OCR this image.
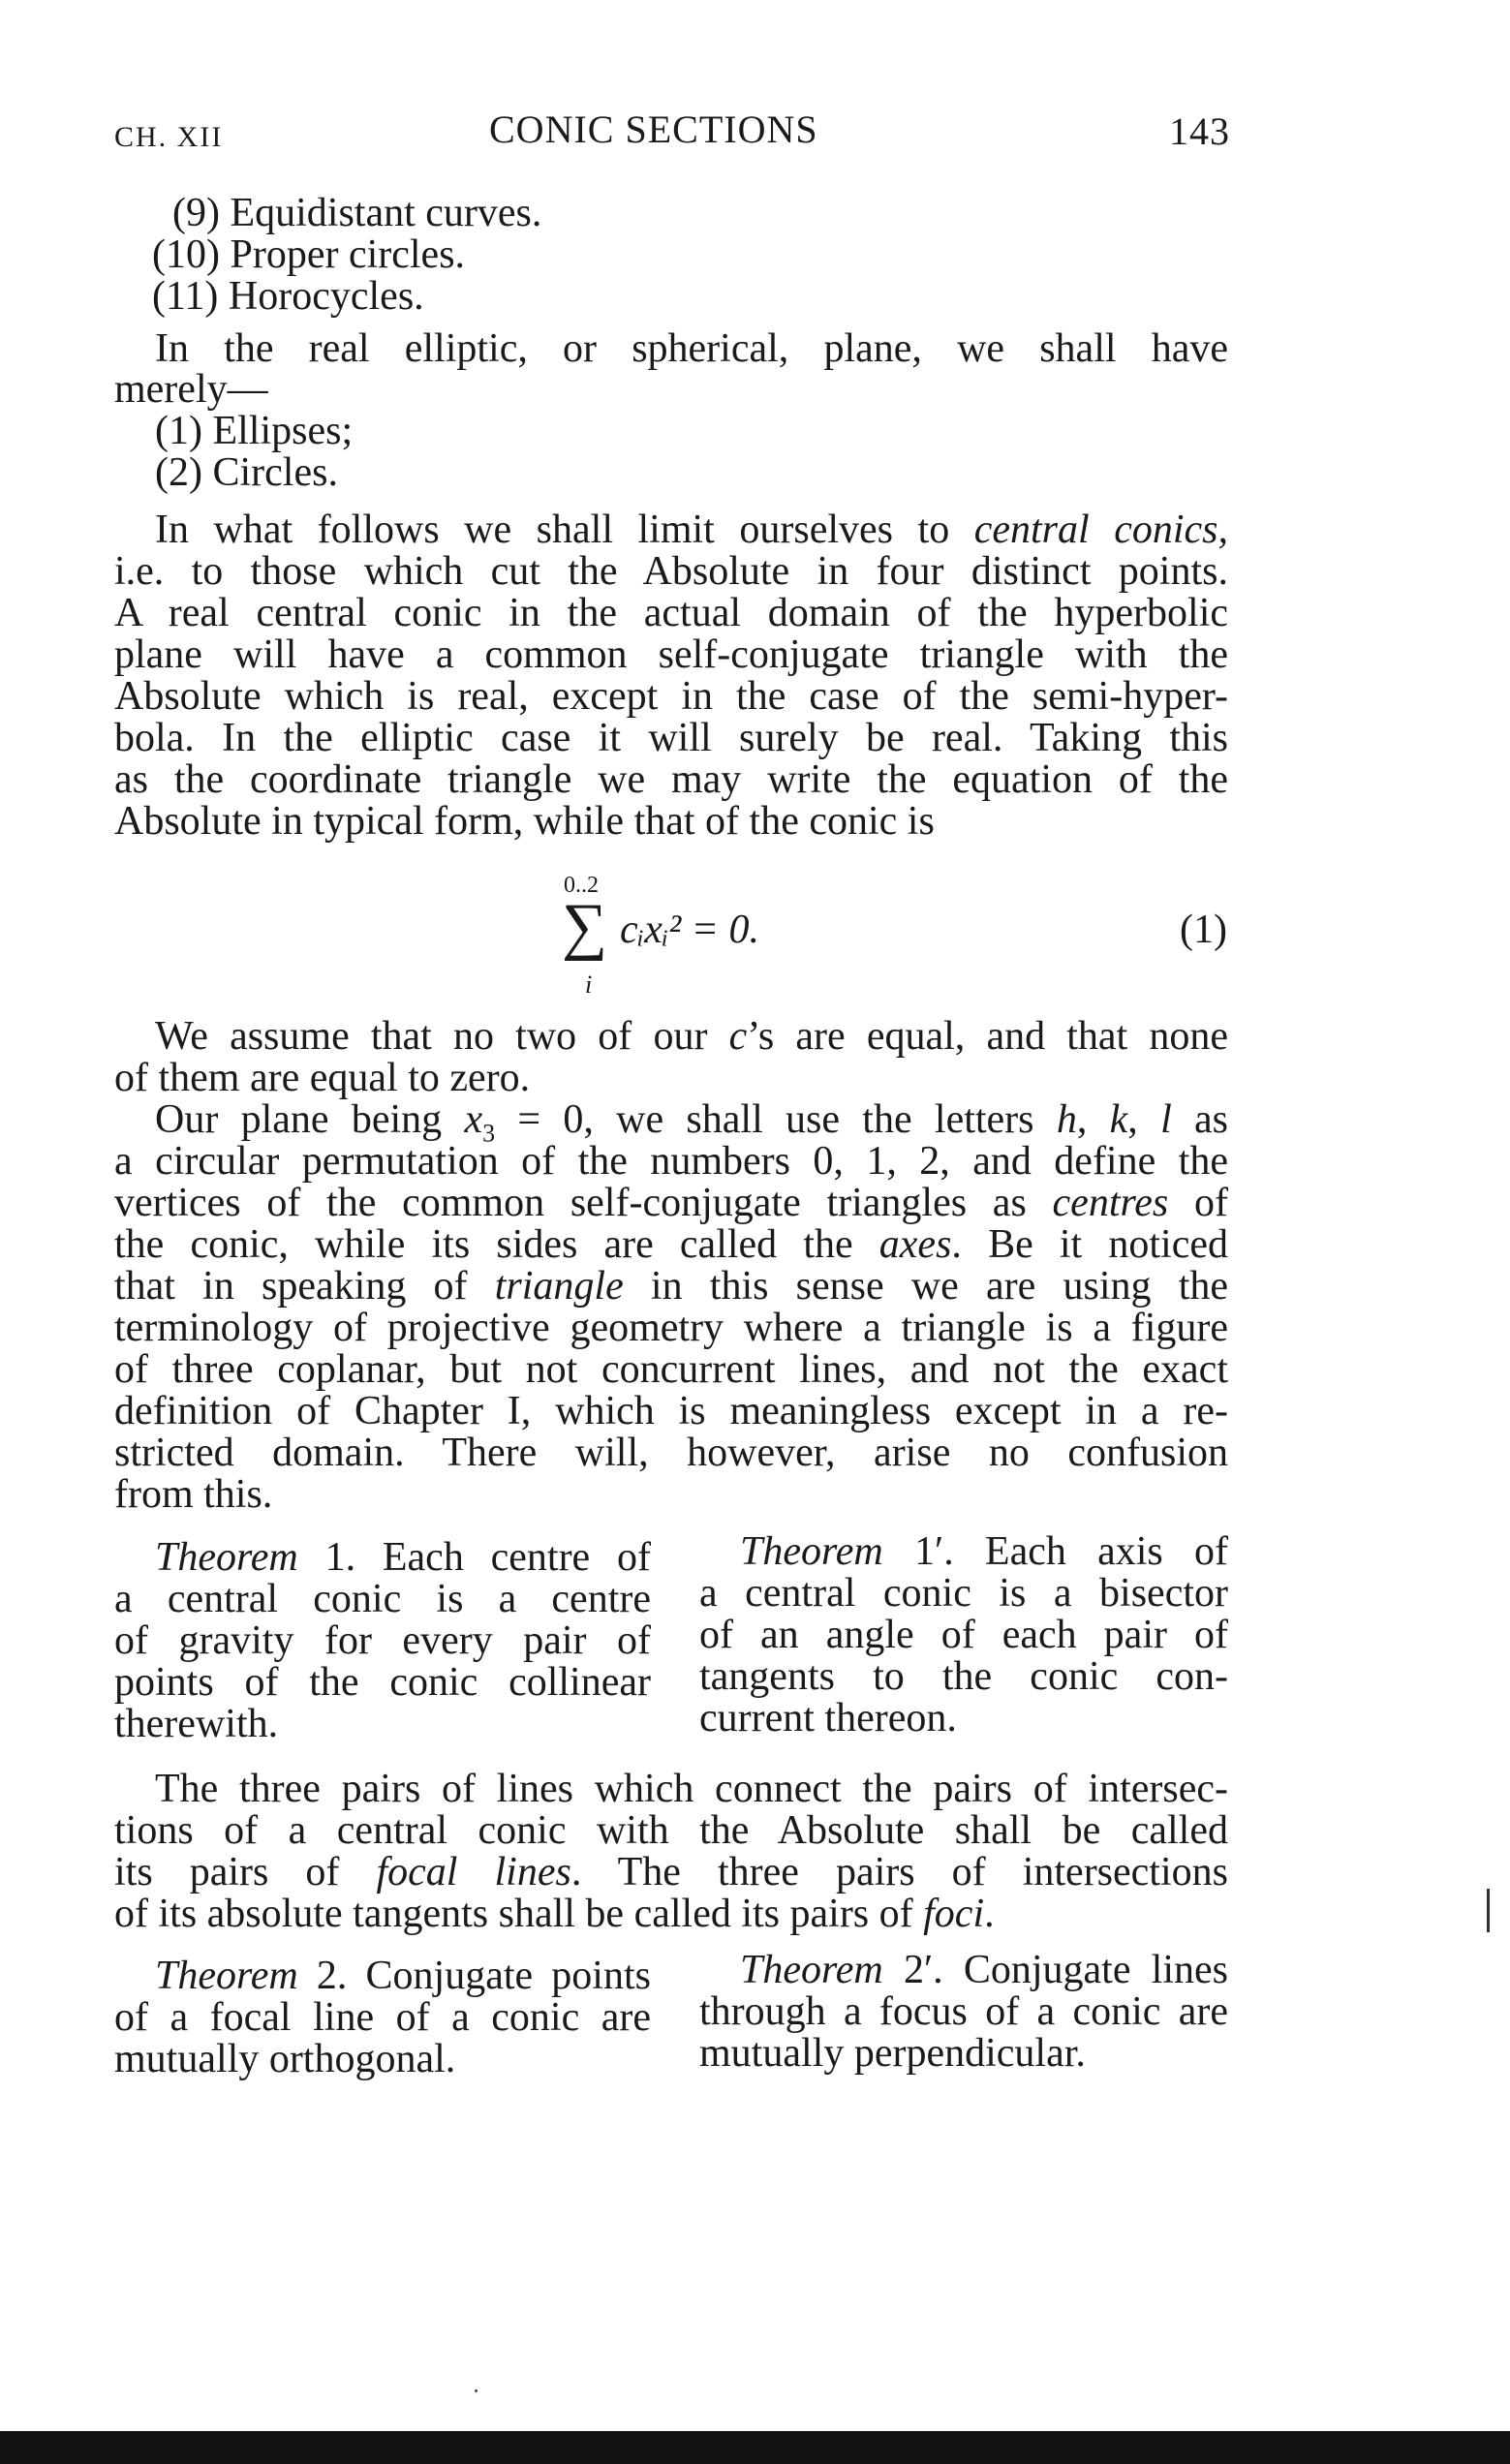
CH. XII	CONIC SECTIONS	143
(9) Equidistant curves.
(10) Proper circles.
(11) Horocycles.
In the real elliptic, or spherical, plane, we shall have
merely—
(1) Ellipses;
(2) Circles.
In what follows we shall limit ourselves to central conics,
i.e. to those which cut the Absolute in four distinct points.
A real central conic in the actual domain of the hyperbolic
plane will have a common self-conjugate triangle with the
Absolute which is real, except in the case of the semi-hyper-
bola. In the elliptic case it will surely be real. Taking this
as the coordinate triangle we may write the equation of the
Absolute in typical form, while that of the conic is
0..2
∑
i
cᵢxᵢ² = 0.	(1)
We assume that no two of our c’s are equal, and that none
of them are equal to zero.
Our plane being $x_3 = 0$, we shall use the letters h, k, l as
a circular permutation of the numbers 0, 1, 2, and define the
vertices of the common self-conjugate triangles as centres of
the conic, while its sides are called the axes. Be it noticed
that in speaking of triangle in this sense we are using the
terminology of projective geometry where a triangle is a figure
of three coplanar, but not concurrent lines, and not the exact
definition of Chapter I, which is meaningless except in a re-
stricted domain. There will, however, arise no confusion
from this.
Theorem 1. Each centre of
a central conic is a centre
of gravity for every pair of
points of the conic collinear
therewith.
Theorem 1′. Each axis of
a central conic is a bisector
of an angle of each pair of
tangents to the conic con-
current thereon.
The three pairs of lines which connect the pairs of intersec-
tions of a central conic with the Absolute shall be called
its pairs of focal lines. The three pairs of intersections
of its absolute tangents shall be called its pairs of foci.
Theorem 2. Conjugate points
of a focal line of a conic are
mutually orthogonal.
Theorem 2′. Conjugate lines
through a focus of a conic are
mutually perpendicular.
